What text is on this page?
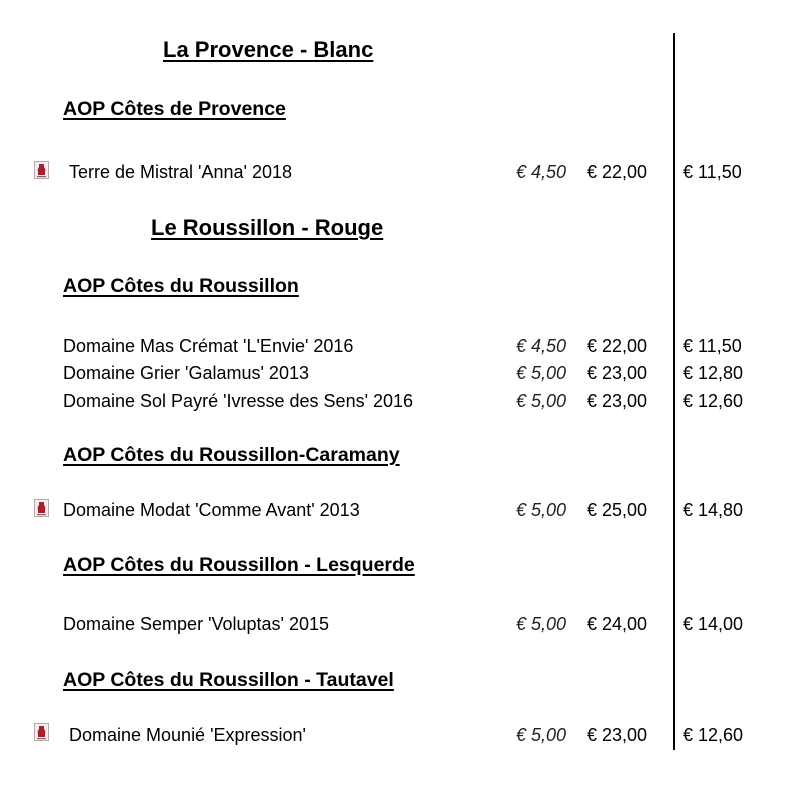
La Provence - Blanc
AOP Côtes de Provence
Terre de Mistral 'Anna' 2018	€ 4,50 € 22,00 € 11,50
Le Roussillon - Rouge
AOP Côtes du Roussillon
Domaine Mas Crémat 'L'Envie' 2016	€ 4,50 € 22,00 € 11,50
Domaine Grier 'Galamus' 2013	€ 5,00 € 23,00 € 12,80
Domaine Sol Payré 'Ivresse des Sens' 2016	€ 5,00 € 23,00 € 12,60
AOP Côtes du Roussillon-Caramany
Domaine Modat 'Comme Avant' 2013	€ 5,00 € 25,00 € 14,80
AOP Côtes du Roussillon - Lesquerde
Domaine Semper 'Voluptas' 2015	€ 5,00 € 24,00 € 14,00
AOP Côtes du Roussillon - Tautavel
Domaine Mounié 'Expression'	€ 5,00 € 23,00 € 12,60
